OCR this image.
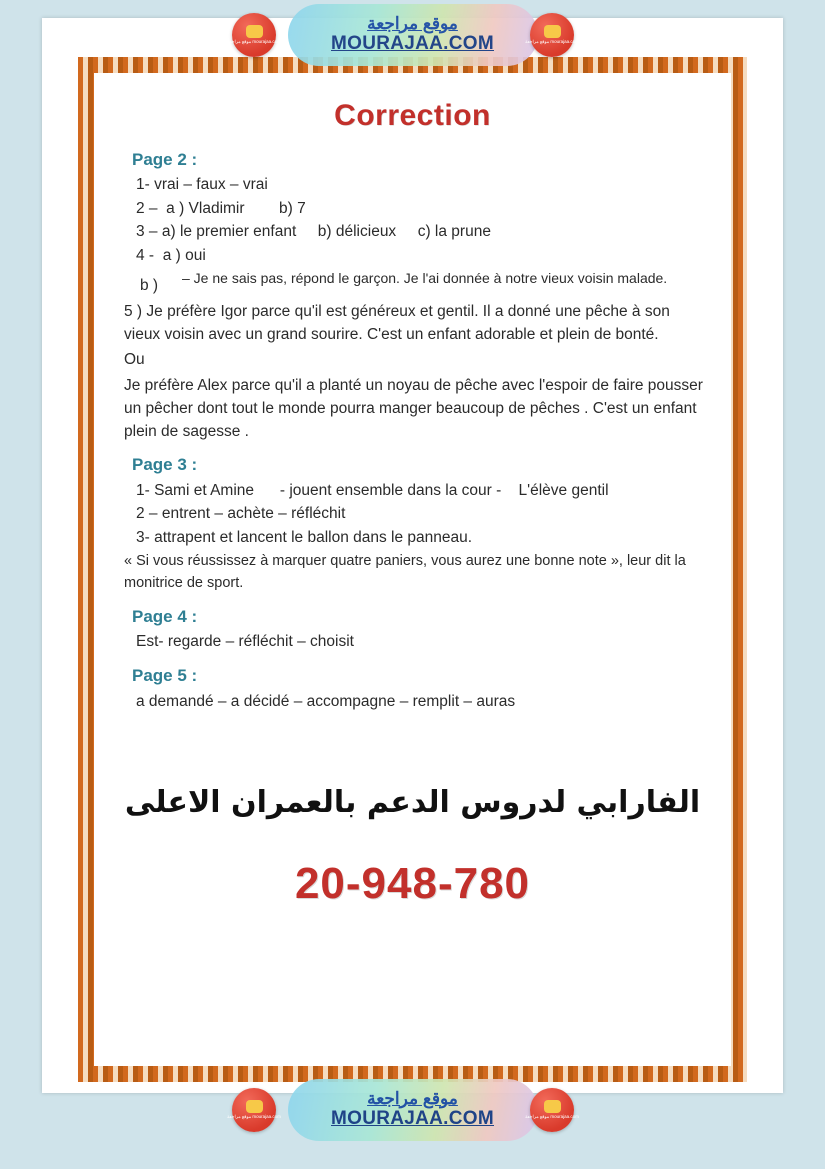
موقع مراجعة
MOURAJAA.COM
موقع مراجعة mourajaa.com	موقع مراجعة mourajaa.com
Correction
Page 2 :
1- vrai – faux – vrai
2 –  a ) Vladimir        b) 7
3 – a) le premier enfant     b) délicieux     c) la prune
4 -  a ) oui
– Je ne sais pas, répond le garçon. Je l'ai donnée à notre vieux voisin malade.
b )
5 ) Je préfère Igor parce qu'il est généreux et gentil. Il a donné une pêche à son vieux voisin avec un grand sourire. C'est un enfant adorable et plein de bonté.
Ou
Je préfère Alex parce qu'il a planté un noyau de pêche avec l'espoir de faire pousser un pêcher dont tout le monde pourra manger beaucoup de pêches . C'est un enfant plein de sagesse .
Page 3 :
1- Sami et Amine      - jouent ensemble dans la cour -    L'élève gentil
2 – entrent – achète – réfléchit
3- attrapent et lancent le ballon dans le panneau.
« Si vous réussissez à marquer quatre paniers, vous aurez une bonne note », leur dit la monitrice de sport.
Page 4 :
Est- regarde – réfléchit – choisit
Page 5 :
a demandé – a décidé – accompagne – remplit – auras
الفارابي لدروس الدعم بالعمران الاعلى
20-948-780
موقع مراجعة
MOURAJAA.COM
موقع مراجعة mourajaa.com	موقع مراجعة mourajaa.com
